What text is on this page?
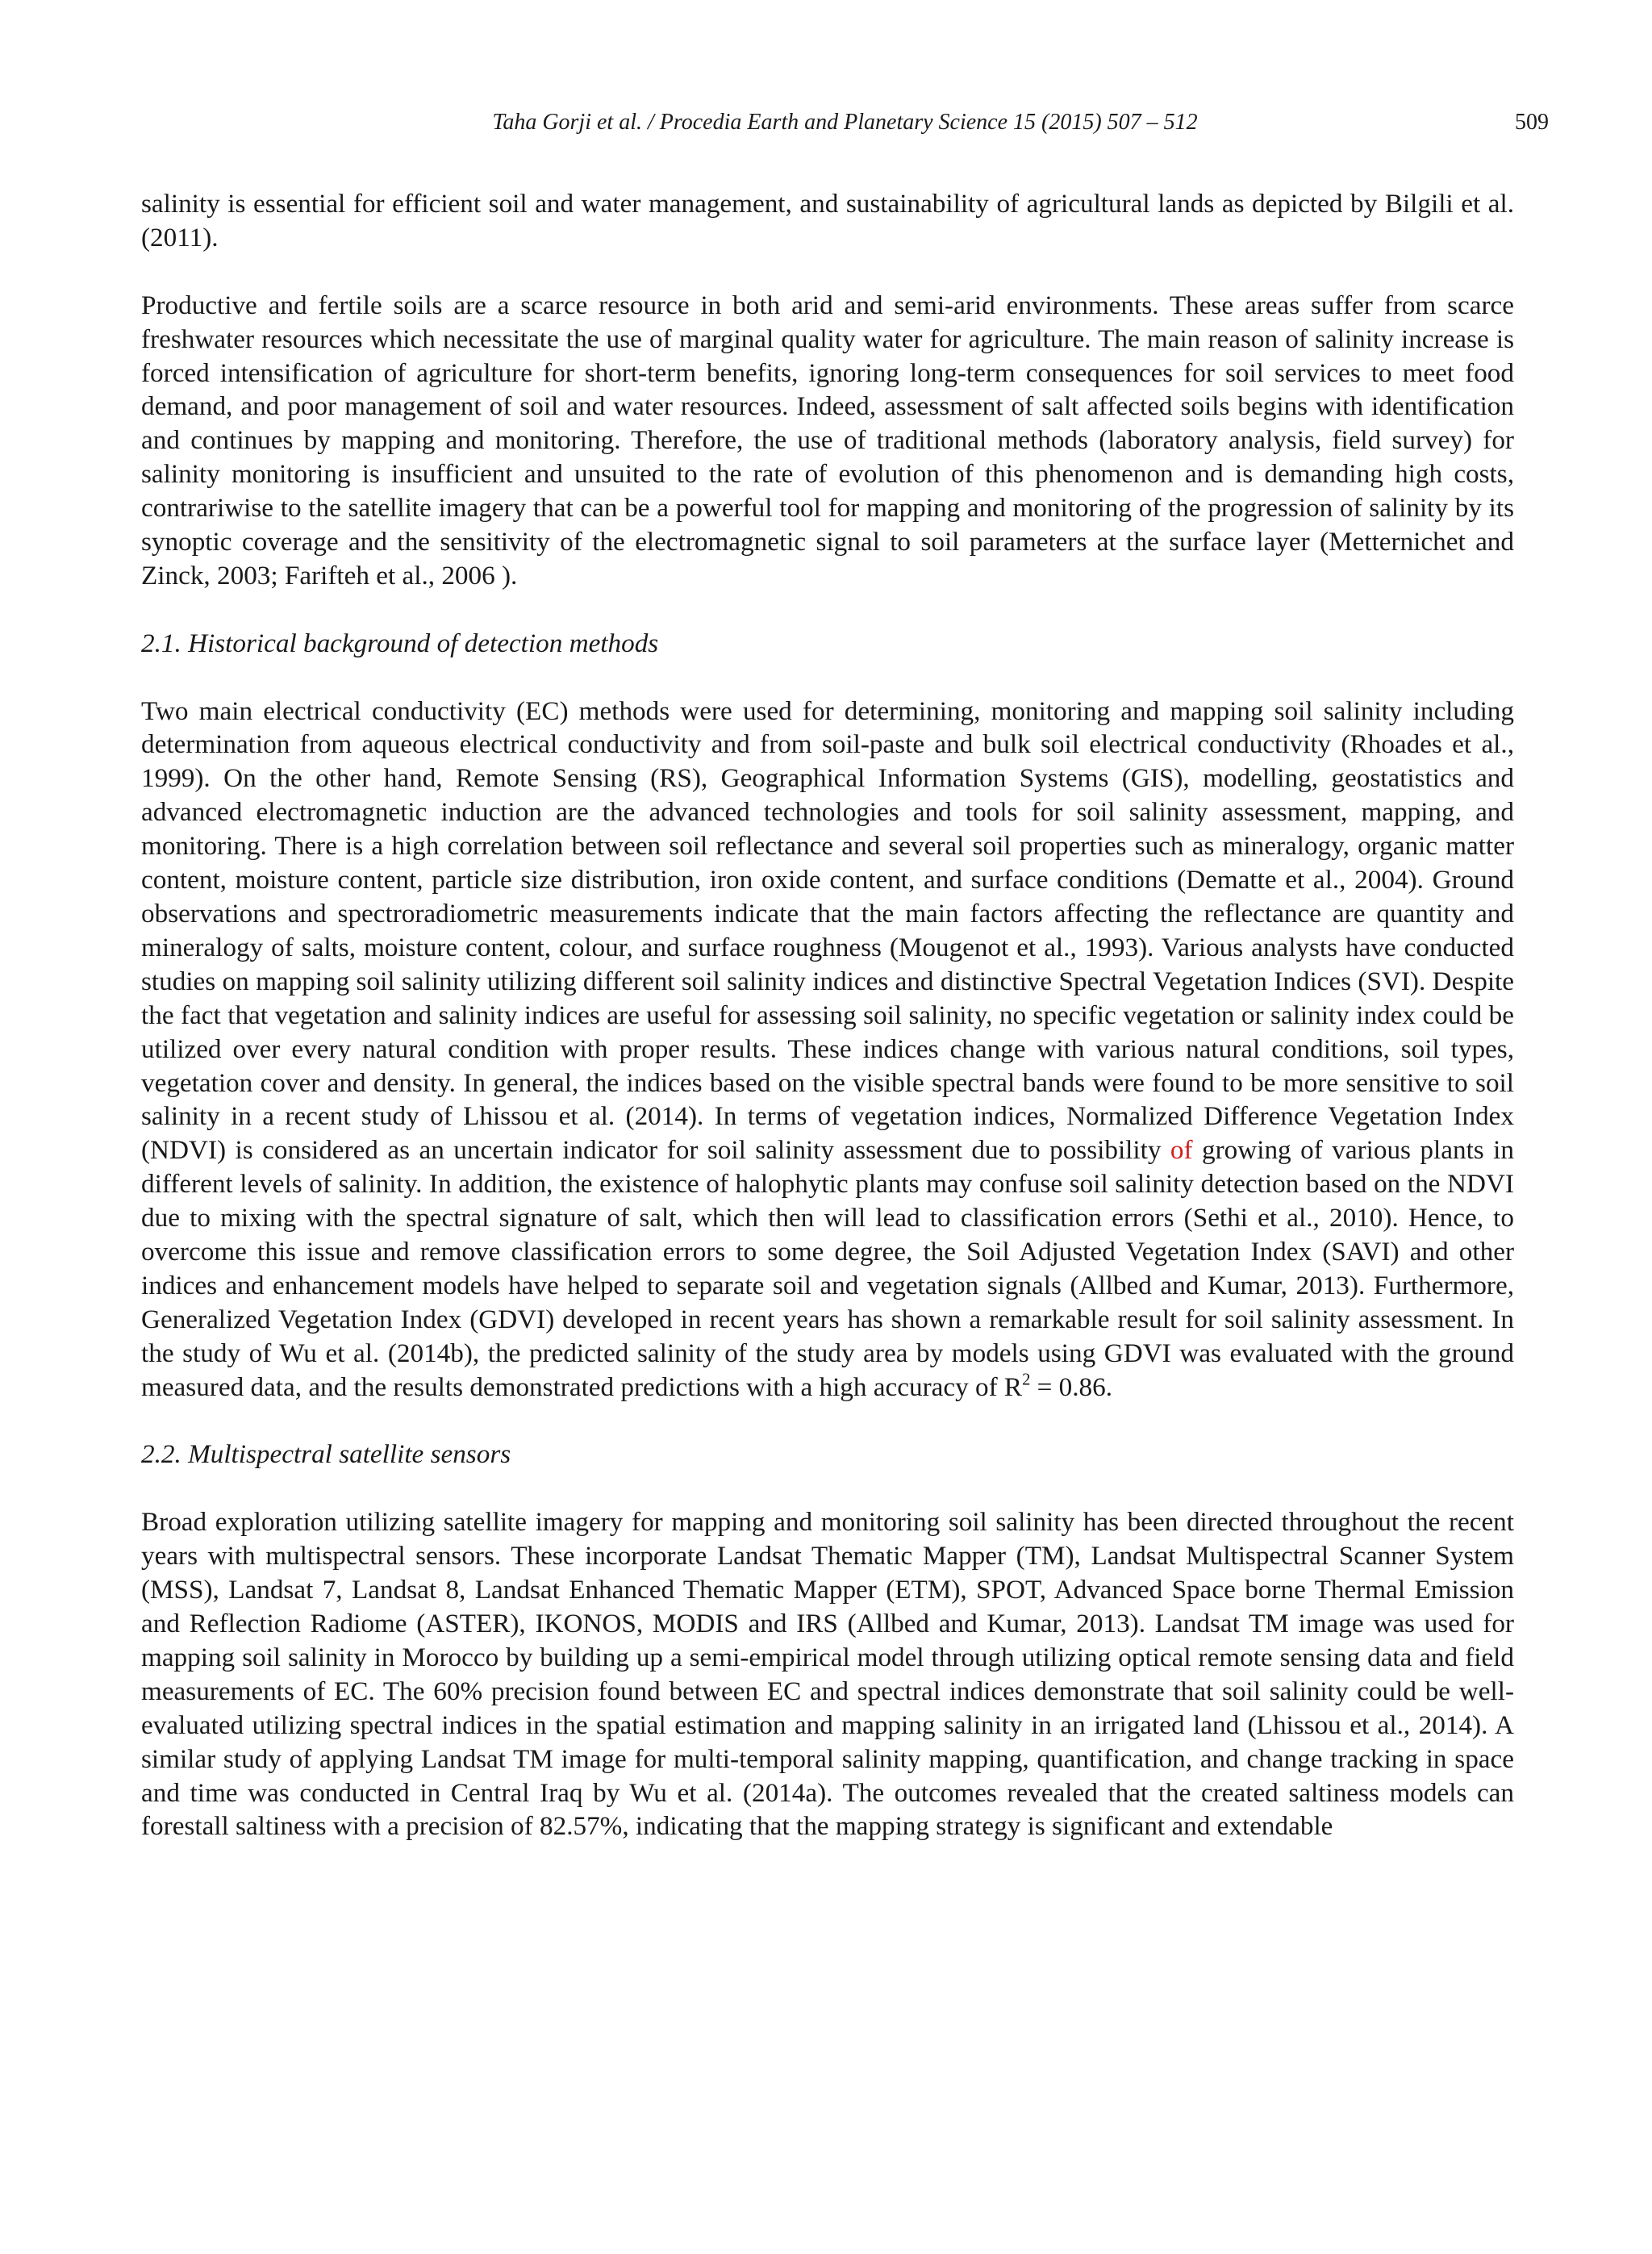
Taha Gorji et al. / Procedia Earth and Planetary Science 15 (2015) 507 – 512	509

salinity is essential for efficient soil and water management, and sustainability of agricultural lands as depicted by Bilgili et al. (2011).

Productive and fertile soils are a scarce resource in both arid and semi-arid environments. These areas suffer from scarce freshwater resources which necessitate the use of marginal quality water for agriculture. The main reason of salinity increase is forced intensification of agriculture for short-term benefits, ignoring long-term consequences for soil services to meet food demand, and poor management of soil and water resources. Indeed, assessment of salt affected soils begins with identification and continues by mapping and monitoring. Therefore, the use of traditional methods (laboratory analysis, field survey) for salinity monitoring is insufficient and unsuited to the rate of evolution of this phenomenon and is demanding high costs, contrariwise to the satellite imagery that can be a powerful tool for mapping and monitoring of the progression of salinity by its synoptic coverage and the sensitivity of the electromagnetic signal to soil parameters at the surface layer (Metternichet and Zinck, 2003; Farifteh et al., 2006 ).

2.1. Historical background of detection methods

Two main electrical conductivity (EC) methods were used for determining, monitoring and mapping soil salinity including determination from aqueous electrical conductivity and from soil-paste and bulk soil electrical conductivity (Rhoades et al., 1999). On the other hand, Remote Sensing (RS), Geographical Information Systems (GIS), modelling, geostatistics and advanced electromagnetic induction are the advanced technologies and tools for soil salinity assessment, mapping, and monitoring. There is a high correlation between soil reflectance and several soil properties such as mineralogy, organic matter content, moisture content, particle size distribution, iron oxide content, and surface conditions (Dematte et al., 2004). Ground observations and spectroradiometric measurements indicate that the main factors affecting the reflectance are quantity and mineralogy of salts, moisture content, colour, and surface roughness (Mougenot et al., 1993). Various analysts have conducted studies on mapping soil salinity utilizing different soil salinity indices and distinctive Spectral Vegetation Indices (SVI). Despite the fact that vegetation and salinity indices are useful for assessing soil salinity, no specific vegetation or salinity index could be utilized over every natural condition with proper results. These indices change with various natural conditions, soil types, vegetation cover and density. In general, the indices based on the visible spectral bands were found to be more sensitive to soil salinity in a recent study of Lhissou et al. (2014). In terms of vegetation indices, Normalized Difference Vegetation Index (NDVI) is considered as an uncertain indicator for soil salinity assessment due to possibility of growing of various plants in different levels of salinity. In addition, the existence of halophytic plants may confuse soil salinity detection based on the NDVI due to mixing with the spectral signature of salt, which then will lead to classification errors (Sethi et al., 2010). Hence, to overcome this issue and remove classification errors to some degree, the Soil Adjusted Vegetation Index (SAVI) and other indices and enhancement models have helped to separate soil and vegetation signals (Allbed and Kumar, 2013). Furthermore, Generalized Vegetation Index (GDVI) developed in recent years has shown a remarkable result for soil salinity assessment. In the study of Wu et al. (2014b), the predicted salinity of the study area by models using GDVI was evaluated with the ground measured data, and the results demonstrated predictions with a high accuracy of $R^2 = 0.86$.

2.2. Multispectral satellite sensors

Broad exploration utilizing satellite imagery for mapping and monitoring soil salinity has been directed throughout the recent years with multispectral sensors. These incorporate Landsat Thematic Mapper (TM), Landsat Multispectral Scanner System (MSS), Landsat 7, Landsat 8, Landsat Enhanced Thematic Mapper (ETM), SPOT, Advanced Space borne Thermal Emission and Reflection Radiome (ASTER), IKONOS, MODIS and IRS (Allbed and Kumar, 2013). Landsat TM image was used for mapping soil salinity in Morocco by building up a semi-empirical model through utilizing optical remote sensing data and field measurements of EC. The 60% precision found between EC and spectral indices demonstrate that soil salinity could be well-evaluated utilizing spectral indices in the spatial estimation and mapping salinity in an irrigated land (Lhissou et al., 2014). A similar study of applying Landsat TM image for multi-temporal salinity mapping, quantification, and change tracking in space and time was conducted in Central Iraq by Wu et al. (2014a). The outcomes revealed that the created saltiness models can forestall saltiness with a precision of 82.57%, indicating that the mapping strategy is significant and extendable
